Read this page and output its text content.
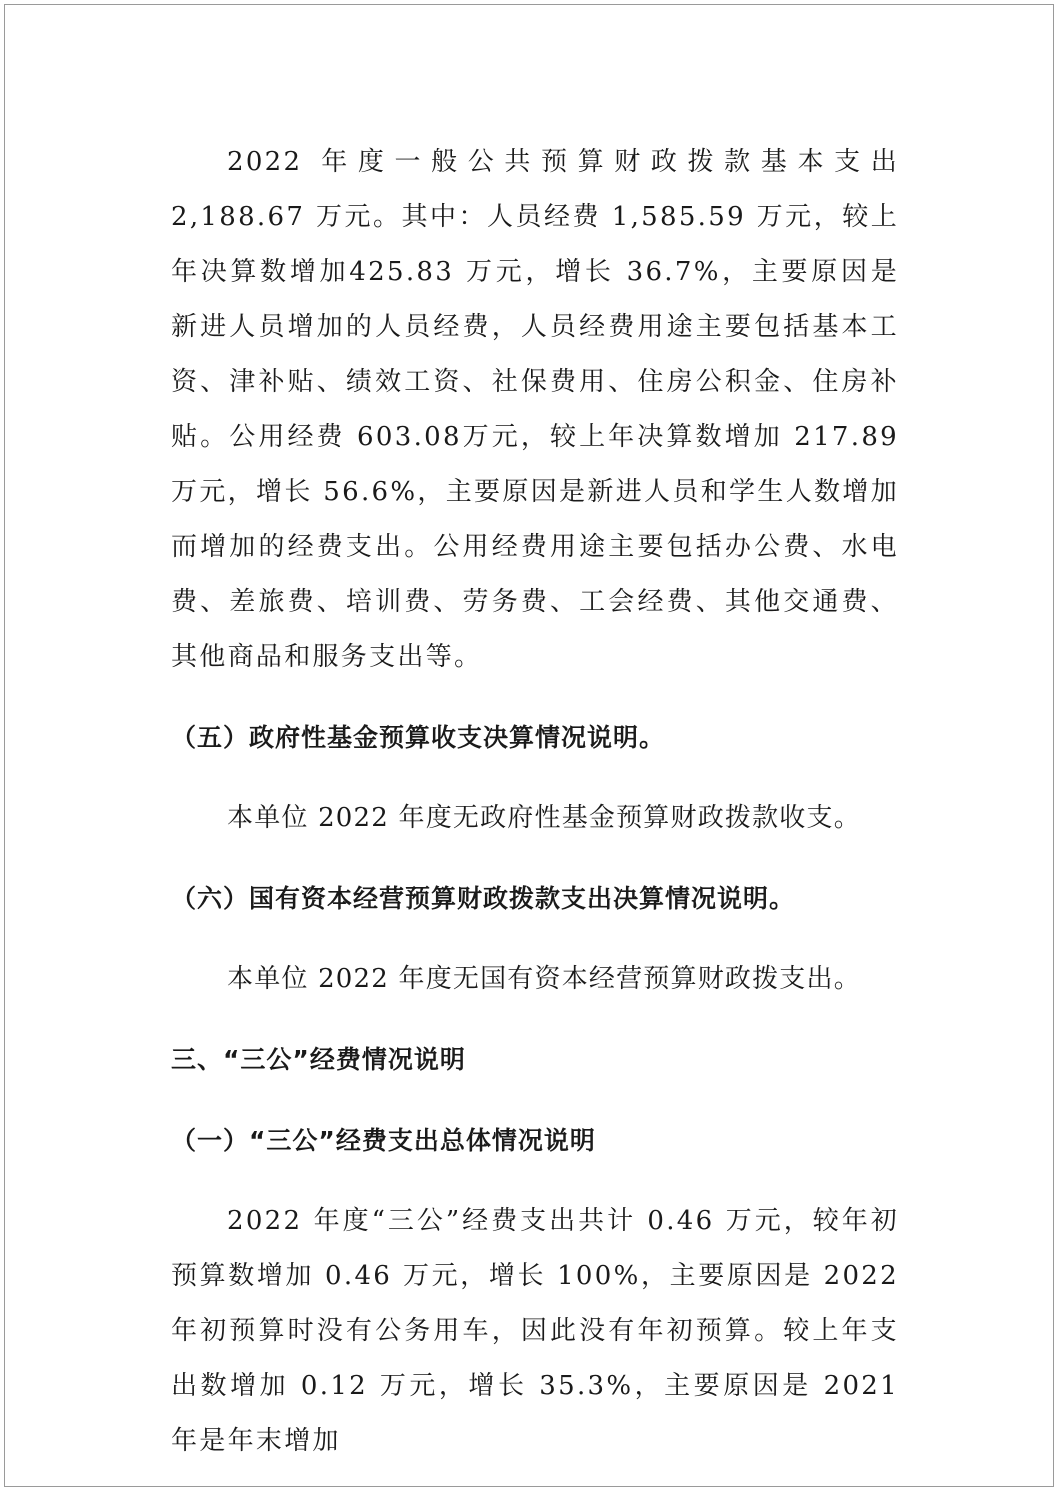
2022 年度一般公共预算财政拨款基本支出 2,188.67 万元。其中：人员经费 1,585.59 万元，较上年决算数增加425.83 万元，增长 36.7%，主要原因是新进人员增加的人员经费，人员经费用途主要包括基本工资、津补贴、绩效工资、社保费用、住房公积金、住房补贴。公用经费 603.08万元，较上年决算数增加 217.89 万元，增长 56.6%，主要原因是新进人员和学生人数增加而增加的经费支出。公用经费用途主要包括办公费、水电费、差旅费、培训费、劳务费、工会经费、其他交通费、其他商品和服务支出等。

（五）政府性基金预算收支决算情况说明。

本单位 2022 年度无政府性基金预算财政拨款收支。

（六）国有资本经营预算财政拨款支出决算情况说明。

本单位 2022 年度无国有资本经营预算财政拨支出。

三、“三公”经费情况说明

（一）“三公”经费支出总体情况说明

2022 年度“三公”经费支出共计 0.46 万元，较年初预算数增加 0.46 万元，增长 100%，主要原因是 2022 年初预算时没有公务用车，因此没有年初预算。较上年支出数增加 0.12 万元，增长 35.3%，主要原因是 2021 年是年末增加
